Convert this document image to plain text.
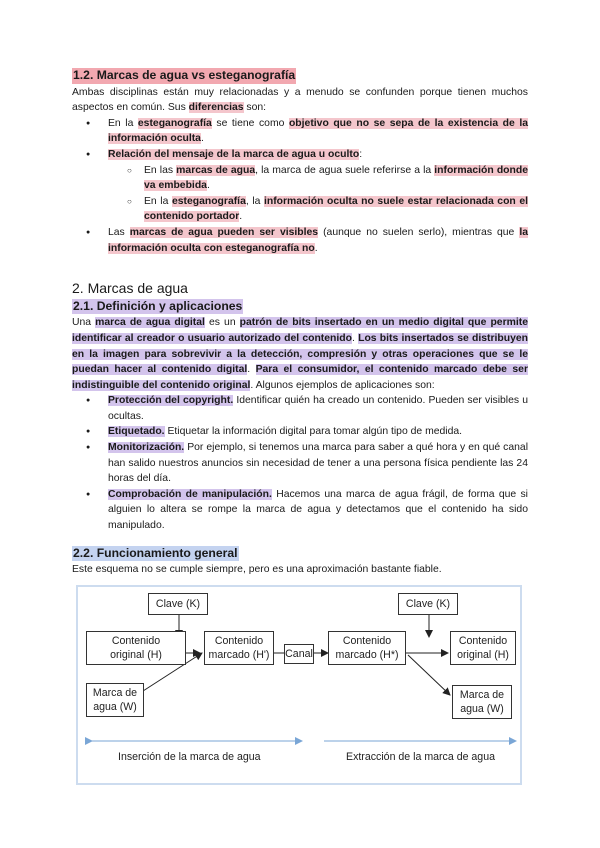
1.2. Marcas de agua vs esteganografía
Ambas disciplinas están muy relacionadas y a menudo se confunden porque tienen muchos aspectos en común. Sus diferencias son:
● En la esteganografía se tiene como objetivo que no se sepa de la existencia de la información oculta.
● Relación del mensaje de la marca de agua u oculto:
○ En las marcas de agua, la marca de agua suele referirse a la información donde va embebida.
○ En la esteganografía, la información oculta no suele estar relacionada con el contenido portador.
● Las marcas de agua pueden ser visibles (aunque no suelen serlo), mientras que la información oculta con esteganografía no.
2. Marcas de agua
2.1. Definición y aplicaciones
Una marca de agua digital es un patrón de bits insertado en un medio digital que permite identificar al creador o usuario autorizado del contenido. Los bits insertados se distribuyen en la imagen para sobrevivir a la detección, compresión y otras operaciones que se le puedan hacer al contenido digital. Para el consumidor, el contenido marcado debe ser indistinguible del contenido original. Algunos ejemplos de aplicaciones son:
● Protección del copyright. Identificar quién ha creado un contenido. Pueden ser visibles u ocultas.
● Etiquetado. Etiquetar la información digital para tomar algún tipo de medida.
● Monitorización. Por ejemplo, si tenemos una marca para saber a qué hora y en qué canal han salido nuestros anuncios sin necesidad de tener a una persona física pendiente las 24 horas del día.
● Comprobación de manipulación. Hacemos una marca de agua frágil, de forma que si alguien lo altera se rompe la marca de agua y detectamos que el contenido ha sido manipulado.
2.2. Funcionamiento general
Este esquema no se cumple siempre, pero es una aproximación bastante fiable.
Clave (K)	Clave (K)
Contenido
original (H)
Contenido
marcado (H')	Canal
Contenido
marcado (H*)
Contenido
original (H)
Marca de
agua (W)
Marca de
agua (W)
Inserción de la marca de agua	Extracción de la marca de agua
